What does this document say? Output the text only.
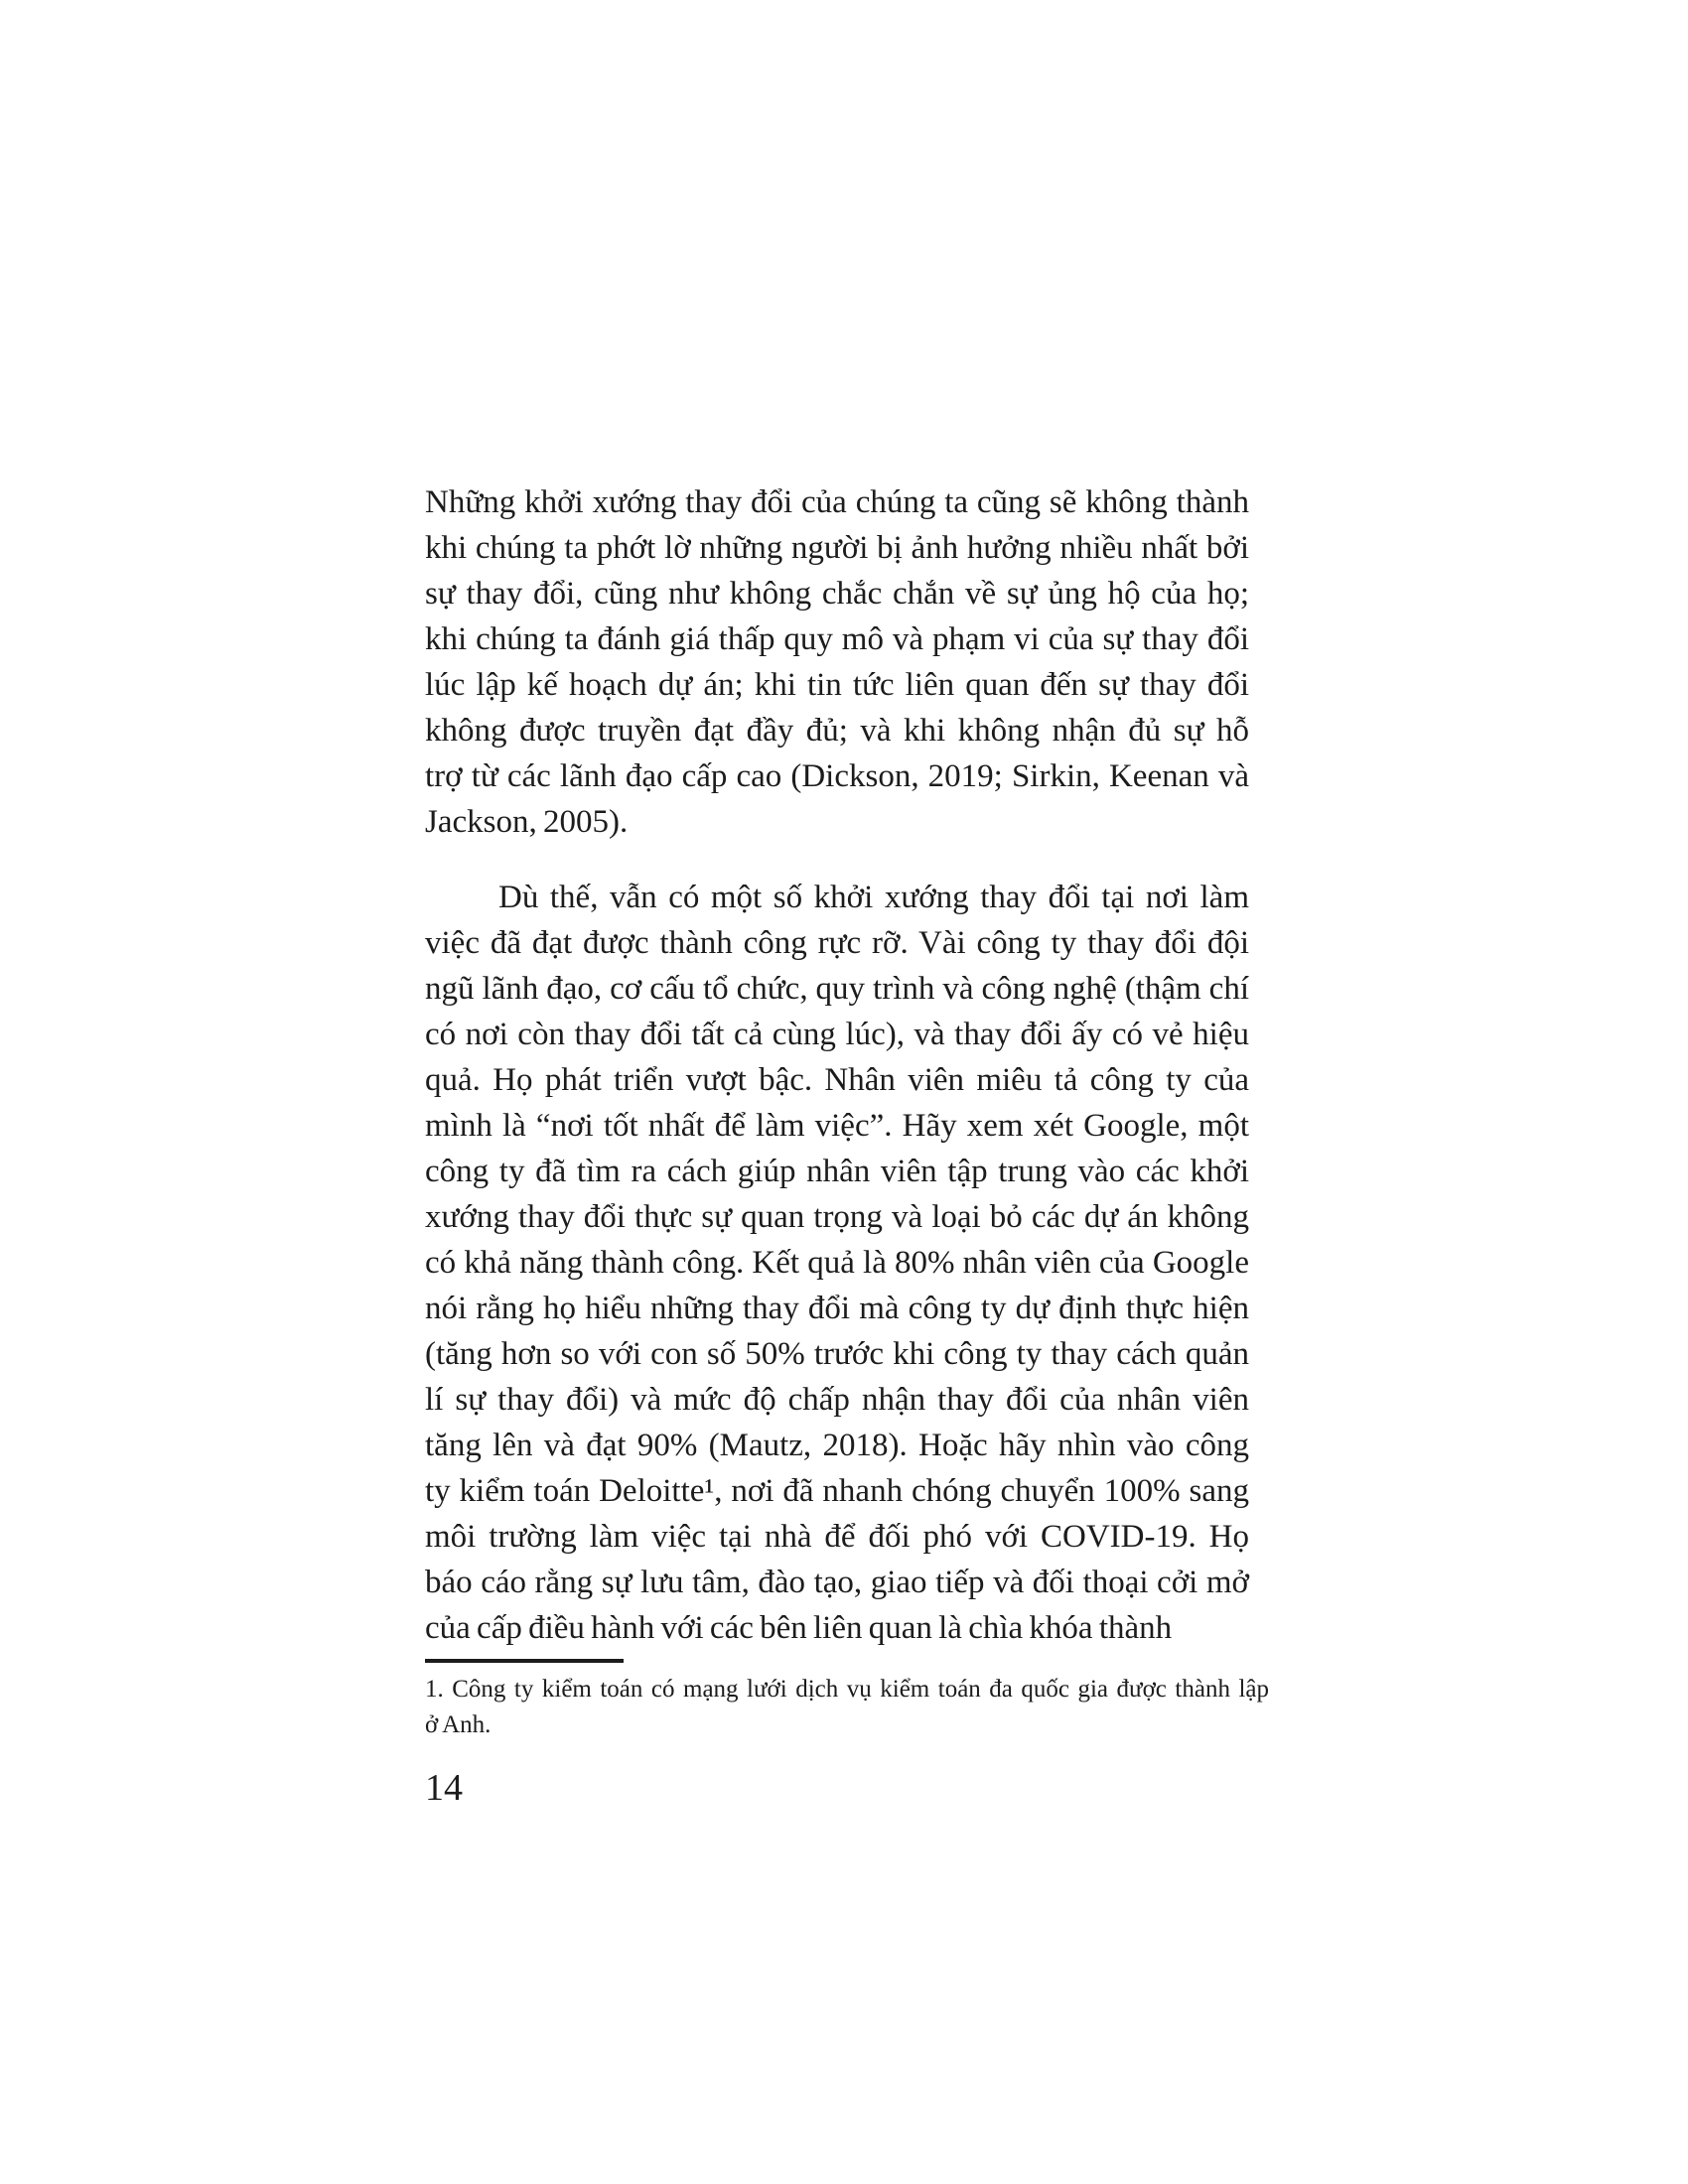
Những khởi xướng thay đổi của chúng ta cũng sẽ không thành
khi chúng ta phớt lờ những người bị ảnh hưởng nhiều nhất bởi
sự thay đổi, cũng như không chắc chắn về sự ủng hộ của họ;
khi chúng ta đánh giá thấp quy mô và phạm vi của sự thay đổi
lúc lập kế hoạch dự án; khi tin tức liên quan đến sự thay đổi
không được truyền đạt đầy đủ; và khi không nhận đủ sự hỗ
trợ từ các lãnh đạo cấp cao (Dickson, 2019; Sirkin, Keenan và
Jackson, 2005).
Dù thế, vẫn có một số khởi xướng thay đổi tại nơi làm
việc đã đạt được thành công rực rỡ. Vài công ty thay đổi đội
ngũ lãnh đạo, cơ cấu tổ chức, quy trình và công nghệ (thậm chí
có nơi còn thay đổi tất cả cùng lúc), và thay đổi ấy có vẻ hiệu
quả. Họ phát triển vượt bậc. Nhân viên miêu tả công ty của
mình là “nơi tốt nhất để làm việc”. Hãy xem xét Google, một
công ty đã tìm ra cách giúp nhân viên tập trung vào các khởi
xướng thay đổi thực sự quan trọng và loại bỏ các dự án không
có khả năng thành công. Kết quả là 80% nhân viên của Google
nói rằng họ hiểu những thay đổi mà công ty dự định thực hiện
(tăng hơn so với con số 50% trước khi công ty thay cách quản
lí sự thay đổi) và mức độ chấp nhận thay đổi của nhân viên
tăng lên và đạt 90% (Mautz, 2018). Hoặc hãy nhìn vào công
ty kiểm toán Deloitte¹, nơi đã nhanh chóng chuyển 100% sang
môi trường làm việc tại nhà để đối phó với COVID-19. Họ
báo cáo rằng sự lưu tâm, đào tạo, giao tiếp và đối thoại cởi mở
của cấp điều hành với các bên liên quan là chìa khóa thành
1. Công ty kiểm toán có mạng lưới dịch vụ kiểm toán đa quốc gia được thành lập
ở Anh.
14
